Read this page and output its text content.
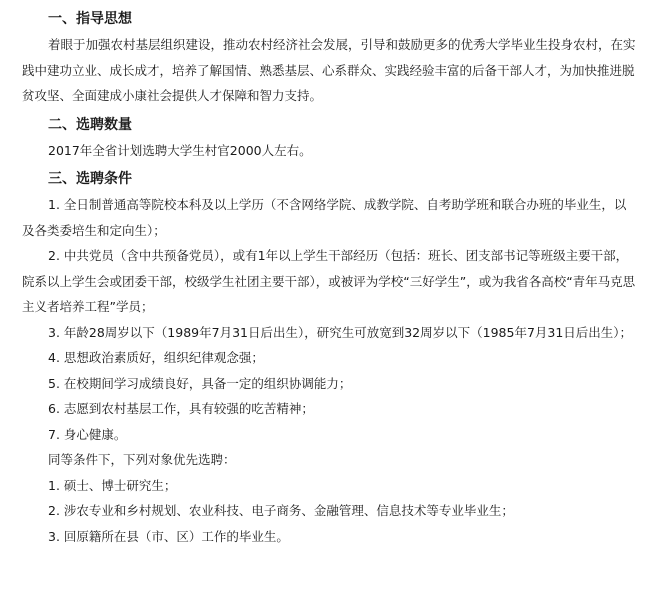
一、指导思想

着眼于加强农村基层组织建设，推动农村经济社会发展，引导和鼓励更多的优秀大学毕业生投身农村，在实践中建功立业、成长成才，培养了解国情、熟悉基层、心系群众、实践经验丰富的后备干部人才，为加快推进脱贫攻坚、全面建成小康社会提供人才保障和智力支持。

二、选聘数量

2017年全省计划选聘大学生村官2000人左右。

三、选聘条件

1. 全日制普通高等院校本科及以上学历（不含网络学院、成教学院、自考助学班和联合办班的毕业生，以及各类委培生和定向生）；

2. 中共党员（含中共预备党员），或有1年以上学生干部经历（包括：班长、团支部书记等班级主要干部，院系以上学生会或团委干部，校级学生社团主要干部），或被评为学校“三好学生”，或为我省各高校“青年马克思主义者培养工程”学员；

3. 年龄28周岁以下（1989年7月31日后出生），研究生可放宽到32周岁以下（1985年7月31日后出生）；

4. 思想政治素质好，组织纪律观念强；

5. 在校期间学习成绩良好，具备一定的组织协调能力；

6. 志愿到农村基层工作，具有较强的吃苦精神；

7. 身心健康。

同等条件下，下列对象优先选聘：

1. 硕士、博士研究生；

2. 涉农专业和乡村规划、农业科技、电子商务、金融管理、信息技术等专业毕业生；

3. 回原籍所在县（市、区）工作的毕业生。
